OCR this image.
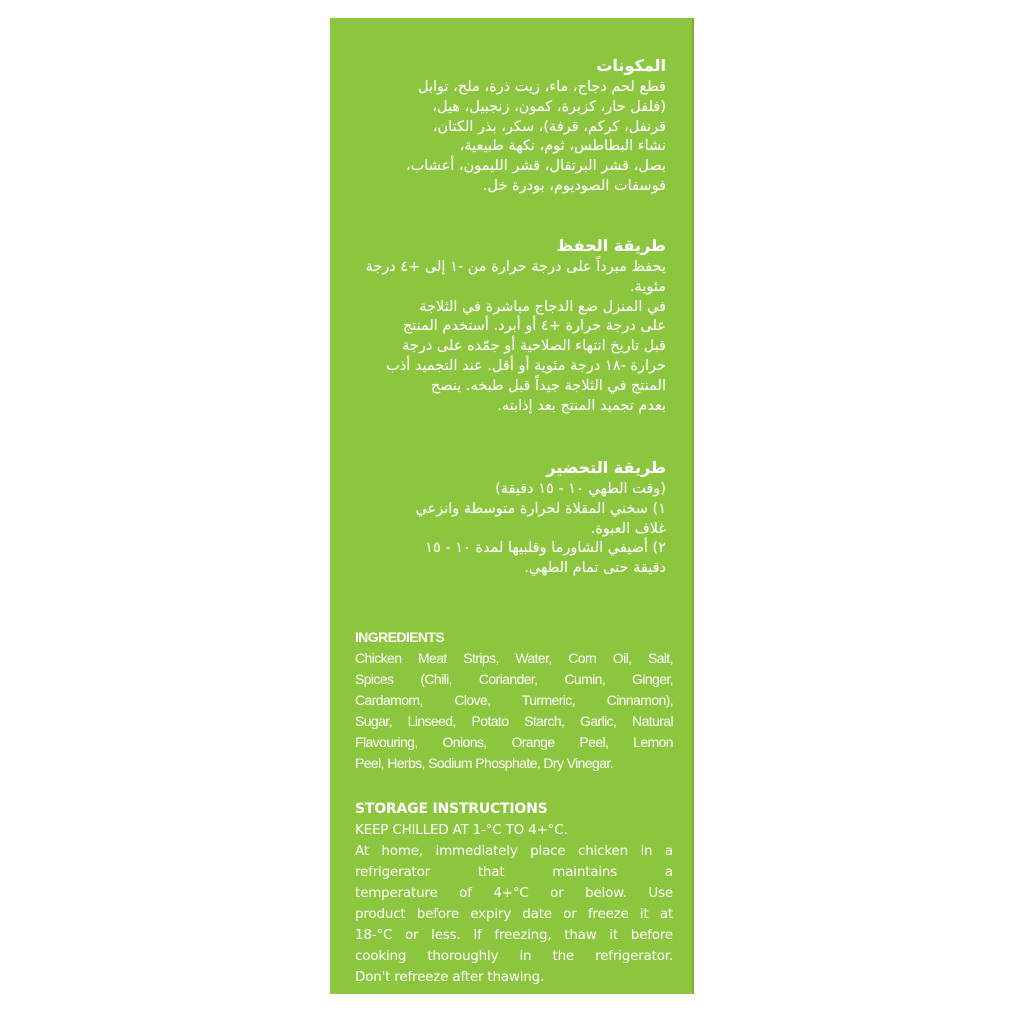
المكونات
قطع لحم دجاج، ماء، زيت ذرة، ملح، توابل
(فلفل حار، كزبرة، كمون، زنجبيل، هيل،
قرنفل، كركم، قرفة)، سكر، بذر الكتان،
نشاء البطاطس، ثوم، نكهة طبيعية،
بصل، قشر البرتقال، قشر الليمون، أعشاب،
فوسفات الصوديوم، بودرة خل.
طريقة الحفظ
يحفظ مبرداً على درجة حرارة من -١ إلى +٤ درجة
مئوية.
في المنزل ضع الدجاج مباشرة في الثلاجة
على درجة حرارة +٤ أو أبرد. أستخدم المنتج
قبل تاريخ انتهاء الصلاحية أو جمّده على درجة
حرارة -١٨ درجة مئوية أو أقل. عند التجميد أذب
المنتج في الثلاجة جيداً قبل طبخه. ينصح
بعدم تجميد المنتج بعد إذابته.
طريقة التحضير
(وقت الطهي ١٠ - ١٥ دقيقة)
١) سخني المقلاة لحرارة متوسطة وانزعي
غلاف العبوة.
٢) أضيفي الشاورما وقلبيها لمدة ١٠ - ١٥
دقيقة حتى تمام الطهي.
INGREDIENTS
Chicken Meat Strips, Water, Corn Oil, Salt,
Spices (Chili, Coriander, Cumin, Ginger,
Cardamom, Clove, Turmeric, Cinnamon),
Sugar, Linseed, Potato Starch, Garlic, Natural
Flavouring, Onions, Orange Peel, Lemon
Peel, Herbs, Sodium Phosphate, Dry Vinegar.
STORAGE INSTRUCTIONS
KEEP CHILLED AT 1-°C TO 4+°C.
At home, immediately place chicken in a
refrigerator that maintains a
temperature of 4+°C or below. Use
product before expiry date or freeze it at
18-°C or less. If freezing, thaw it before
cooking thoroughly in the refrigerator.
Don't refreeze after thawing.
